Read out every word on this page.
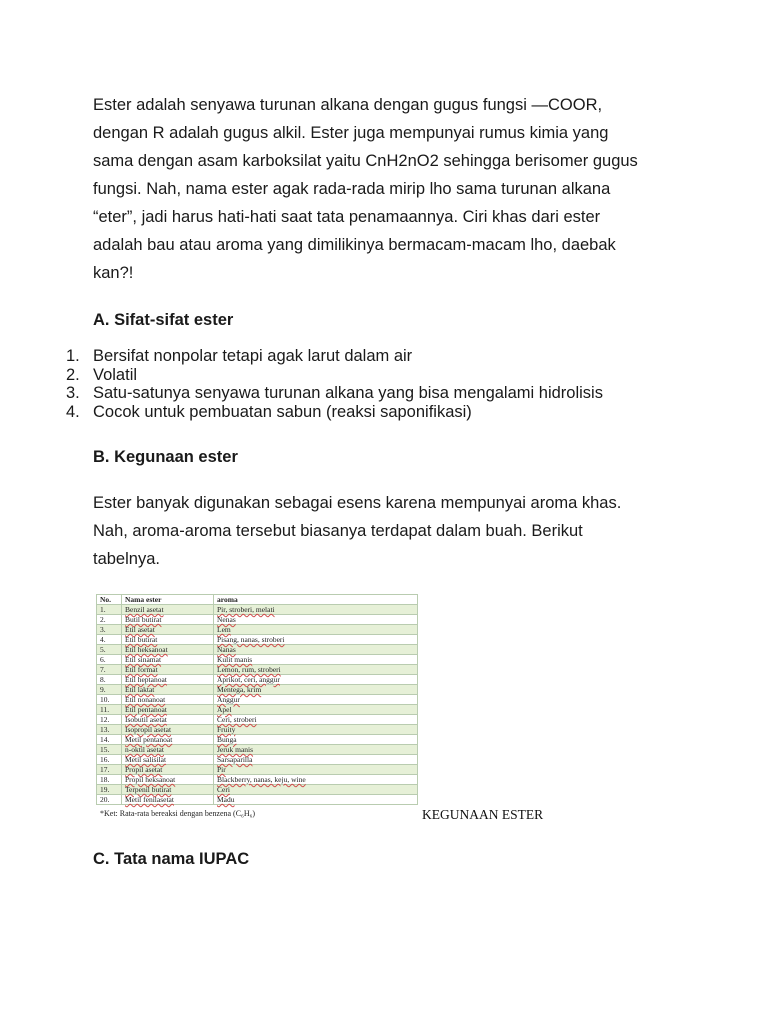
Ester adalah senyawa turunan alkana dengan gugus fungsi —COOR,
dengan R adalah gugus alkil. Ester juga mempunyai rumus kimia yang
sama dengan asam karboksilat yaitu CnH2nO2 sehingga berisomer gugus
fungsi. Nah, nama ester agak rada-rada mirip lho sama turunan alkana
“eter”, jadi harus hati-hati saat tata penamaannya. Ciri khas dari ester
adalah bau atau aroma yang dimilikinya bermacam-macam lho, daebak
kan?!

A. Sifat-sifat ester
1. Bersifat nonpolar tetapi agak larut dalam air
2. Volatil
3. Satu-satunya senyawa turunan alkana yang bisa mengalami hidrolisis
4. Cocok untuk pembuatan sabun (reaksi saponifikasi)
B. Kegunaan ester

Ester banyak digunakan sebagai esens karena mempunyai aroma khas.
Nah, aroma-aroma tersebut biasanya terdapat dalam buah. Berikut
tabelnya.

No.	Nama ester	aroma
1.	Benzil asetat	Pir, stroberi, melati
2.	Butil butirat	Nenas
3.	Etil asetat	Lem
4.	Etil butirat	Pisang, nanas, stroberi
5.	Etil heksanoat	Nanas
6.	Etil sinamat	Kulit manis
7.	Etil format	Lemon, rum, stroberi
8.	Etil heptanoat	Aprikot, ceri, anggur
9.	Etil laktat	Mentega, krim
10.	Etil nonanoat	Anggur
11.	Etil pentanoat	Apel
12.	Isobutil asetat	Ceri, stroberi
13.	Isopropil asetat	Fruity
14.	Metil pentanoat	Bunga
15.	n-oktil asetat	Jeruk manis
16.	Metil salisilat	Sarsaparilla
17.	Propil asetat	Pir
18.	Propil heksanoat	Blackberry, nanas, keju, wine
19.	Terpenil butirat	Ceri
20.	Metil fenilasetat	Madu
*Ket: Rata-rata bereaksi dengan benzena (C₆H₆)	KEGUNAAN ESTER
C. Tata nama IUPAC
